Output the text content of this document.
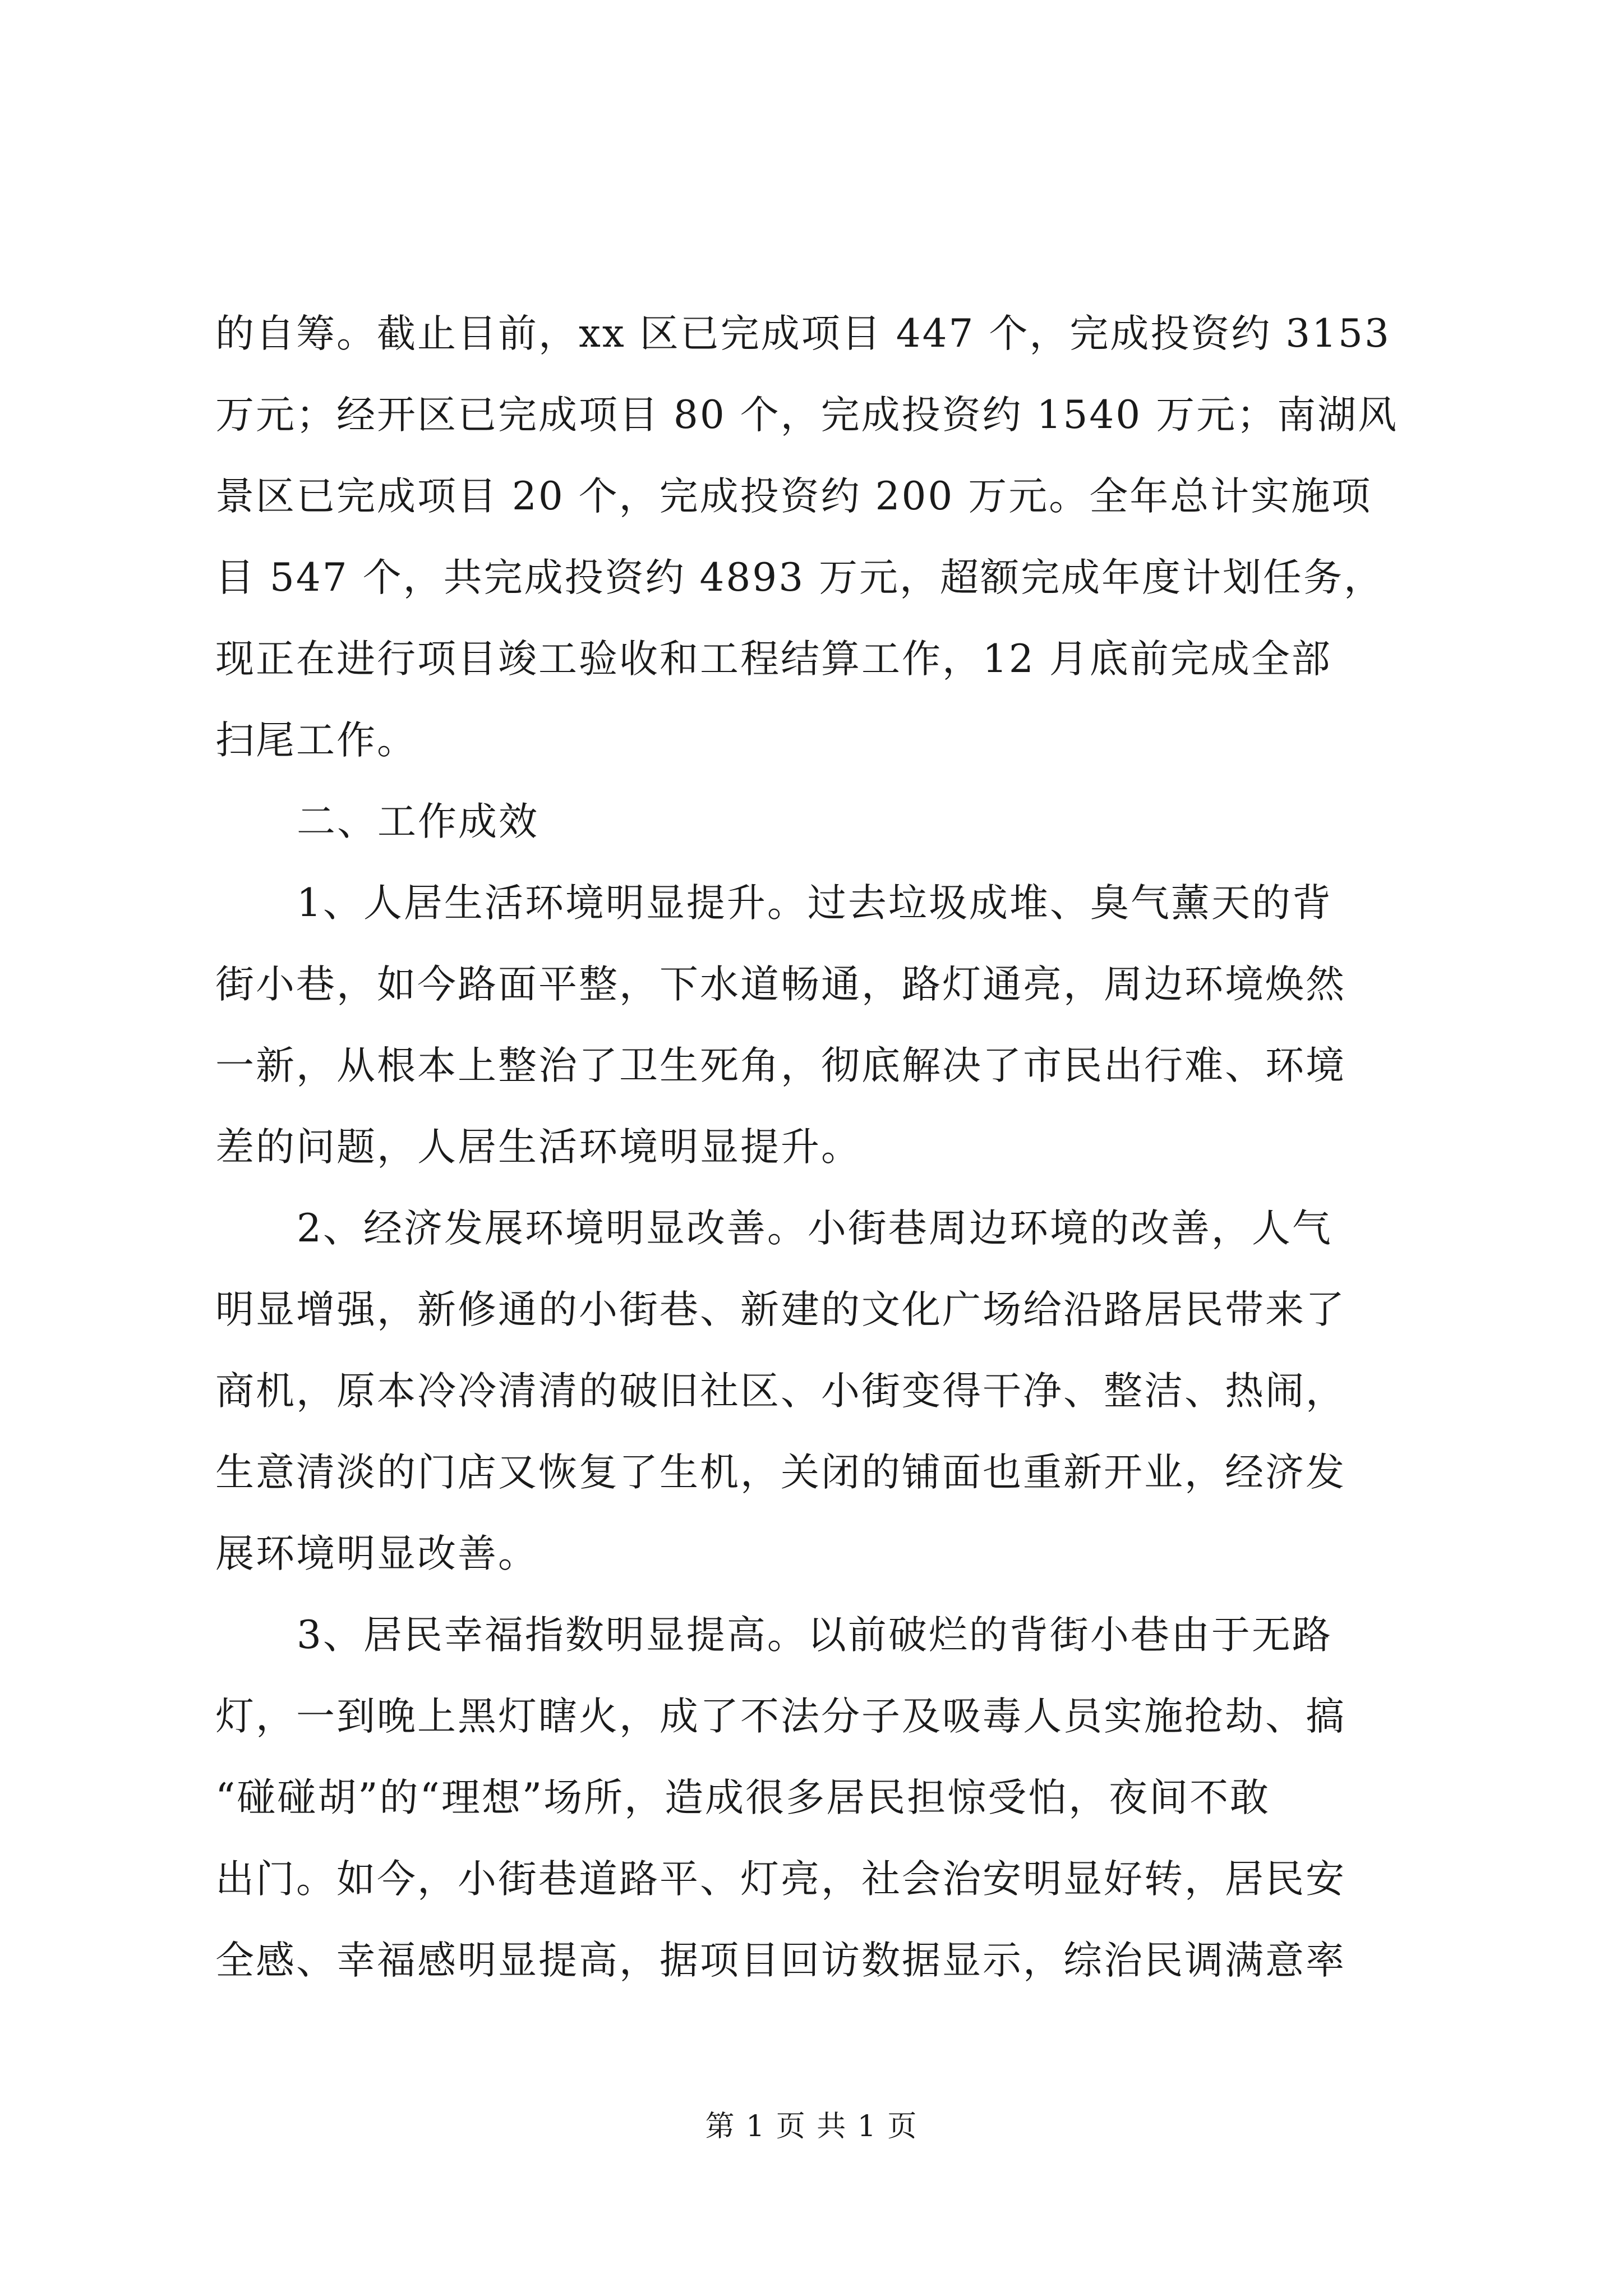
的自筹。截止目前，xx 区已完成项目 447 个，完成投资约 3153
万元；经开区已完成项目 80 个，完成投资约 1540 万元；南湖风
景区已完成项目 20 个，完成投资约 200 万元。全年总计实施项
目 547 个，共完成投资约 4893 万元，超额完成年度计划任务，
现正在进行项目竣工验收和工程结算工作，12 月底前完成全部
扫尾工作。
二、工作成效
1、人居生活环境明显提升。过去垃圾成堆、臭气薰天的背
街小巷，如今路面平整，下水道畅通，路灯通亮，周边环境焕然
一新，从根本上整治了卫生死角，彻底解决了市民出行难、环境
差的问题，人居生活环境明显提升。
2、经济发展环境明显改善。小街巷周边环境的改善，人气
明显增强，新修通的小街巷、新建的文化广场给沿路居民带来了
商机，原本冷冷清清的破旧社区、小街变得干净、整洁、热闹，
生意清淡的门店又恢复了生机，关闭的铺面也重新开业，经济发
展环境明显改善。
3、居民幸福指数明显提高。以前破烂的背街小巷由于无路
灯，一到晚上黑灯瞎火，成了不法分子及吸毒人员实施抢劫、搞
“碰碰胡”的“理想”场所，造成很多居民担惊受怕，夜间不敢
出门。如今，小街巷道路平、灯亮，社会治安明显好转，居民安
全感、幸福感明显提高，据项目回访数据显示，综治民调满意率
第 1 页 共 1 页
